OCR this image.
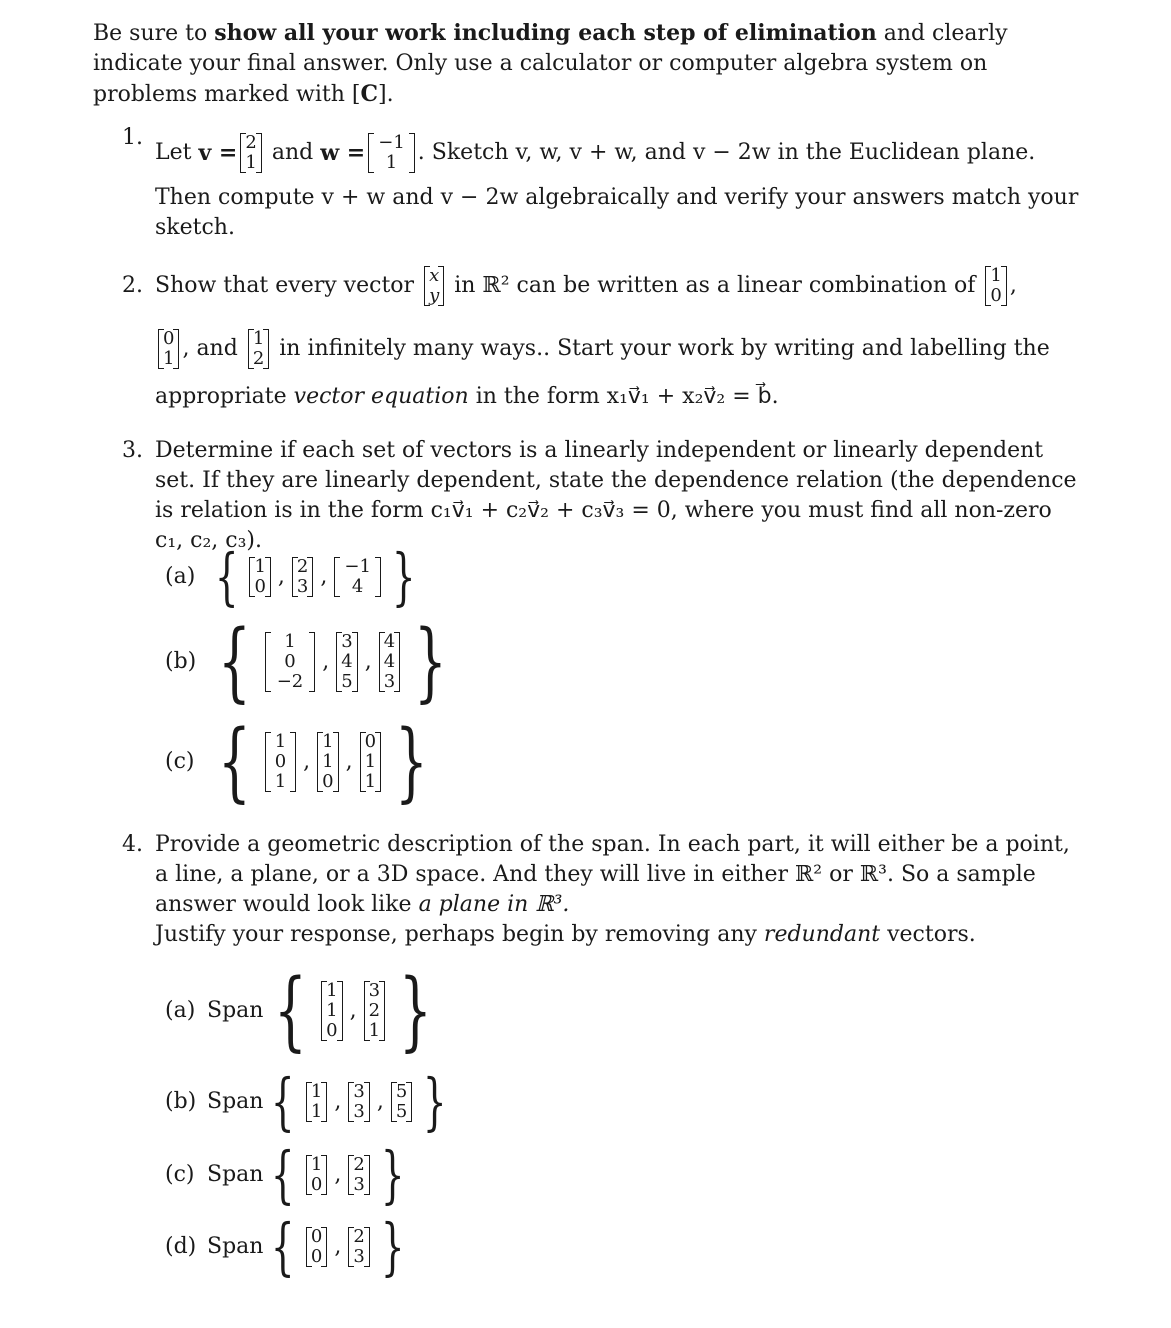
Be sure to show all your work including each step of elimination and clearly indicate your final answer. Only use a calculator or computer algebra system on problems marked with [C].
1.
Let
v = 2
1
and
w = −1
1 . Sketch v, w, v + w, and v − 2w in the Euclidean plane.
Then compute v + w and v − 2w algebraically and verify your answers match your sketch.
2. Show that every vector
x
y
in ℝ² can be written as a linear combination of
1
0 ,
0
1 , and
1
2
in infinitely many ways.. Start your work by writing and labelling the
appropriate vector equation in the form x₁v⃗₁ + x₂v⃗₂ = b⃗.
3. Determine if each set of vectors is a linearly independent or linearly dependent set. If they are linearly dependent, state the dependence relation (the dependence is relation is in the form c₁v⃗₁ + c₂v⃗₂ + c₃v⃗₃ = 0, where you must find all non-zero c₁, c₂, c₃).
(a) { 1
0 , 2
3 , −1
4 }
(b) {	1
0
−2
,
3
4
5
,
4
4
3 }
(c) { 1
0
1
,
1
1
0
,
0
1
1 }
4. Provide a geometric description of the span. In each part, it will either be a point, a line, a plane, or a 3D space. And they will live in either ℝ² or ℝ³. So a sample answer would look like a plane in ℝ³.
Justify your response, perhaps begin by removing any redundant vectors.
(a) Span { 1
1
0
,
3
2
1 }
(b) Span { 1
1 , 3
3 , 5
5 }
(c) Span { 1
0 , 2
3 }
(d) Span { 0
0 , 2
3 }
